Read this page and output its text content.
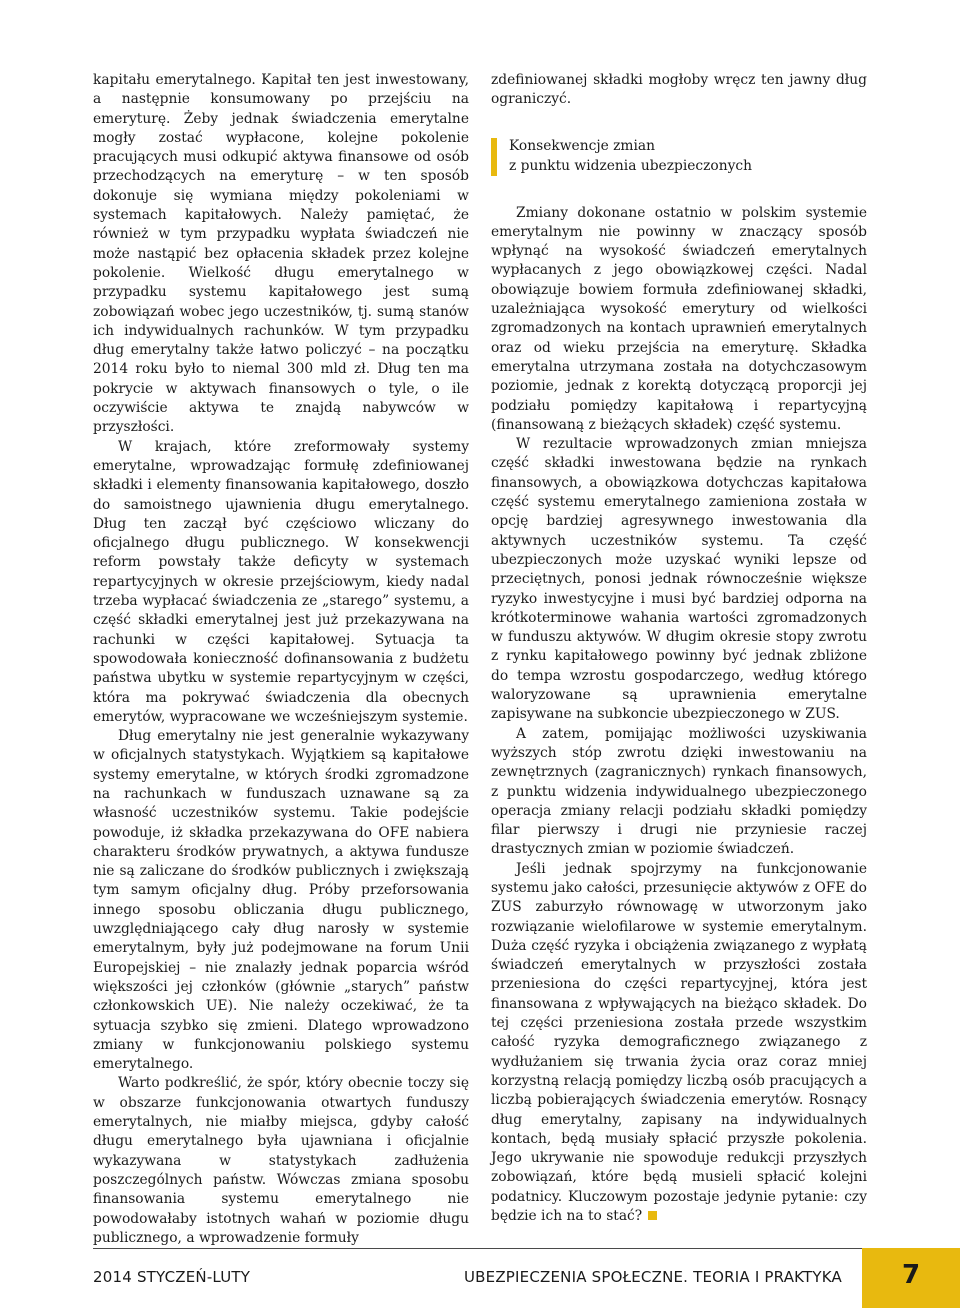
kapitału emerytalnego. Kapitał ten jest inwestowany, a następnie konsumowany po przejściu na emeryturę. Żeby jednak świadczenia emerytalne mogły zostać wypłacone, kolejne pokolenie pracujących musi odkupić aktywa finansowe od osób przechodzących na emeryturę – w ten sposób dokonuje się wymiana między pokoleniami w systemach kapitałowych. Należy pamiętać, że również w tym przypadku wypłata świadczeń nie może nastąpić bez opłacenia składek przez kolejne pokolenie. Wielkość długu emerytalnego w przypadku systemu kapitałowego jest sumą zobowiązań wobec jego uczestników, tj. sumą stanów ich indywidualnych rachunków. W tym przypadku dług emerytalny także łatwo policzyć – na początku 2014 roku było to niemal 300 mld zł. Dług ten ma pokrycie w aktywach finansowych o tyle, o ile oczywiście aktywa te znajdą nabywców w przyszłości.

W krajach, które zreformowały systemy emerytalne, wprowadzając formułę zdefiniowanej składki i elementy finansowania kapitałowego, doszło do samoistnego ujawnienia długu emerytalnego. Dług ten zaczął być częściowo wliczany do oficjalnego długu publicznego. W konsekwencji reform powstały także deficyty w systemach repartycyjnych w okresie przejściowym, kiedy nadal trzeba wypłacać świadczenia ze „starego” systemu, a część składki emerytalnej jest już przekazywana na rachunki w części kapitałowej. Sytuacja ta spowodowała konieczność dofinansowania z budżetu państwa ubytku w systemie repartycyjnym w części, która ma pokrywać świadczenia dla obecnych emerytów, wypracowane we wcześniejszym systemie.

Dług emerytalny nie jest generalnie wykazywany w oficjalnych statystykach. Wyjątkiem są kapitałowe systemy emerytalne, w których środki zgromadzone na rachunkach w funduszach uznawane są za własność uczestników systemu. Takie podejście powoduje, iż składka przekazywana do OFE nabiera charakteru środków prywatnych, a aktywa fundusze nie są zaliczane do środków publicznych i zwiększają tym samym oficjalny dług. Próby przeforsowania innego sposobu obliczania długu publicznego, uwzględniającego cały dług narosły w systemie emerytalnym, były już podejmowane na forum Unii Europejskiej – nie znalazły jednak poparcia wśród większości jej członków (głównie „starych” państw członkowskich UE). Nie należy oczekiwać, że ta sytuacja szybko się zmieni. Dlatego wprowadzono zmiany w funkcjonowaniu polskiego systemu emerytalnego.

Warto podkreślić, że spór, który obecnie toczy się w obszarze funkcjonowania otwartych funduszy emerytalnych, nie miałby miejsca, gdyby całość długu emerytalnego była ujawniana i oficjalnie wykazywana w statystykach zadłużenia poszczególnych państw. Wówczas zmiana sposobu finansowania systemu emerytalnego nie powodowałaby istotnych wahań w poziomie długu publicznego, a wprowadzenie formuły

zdefiniowanej składki mogłoby wręcz ten jawny dług ograniczyć.

Konsekwencje zmian
z punktu widzenia ubezpieczonych

Zmiany dokonane ostatnio w polskim systemie emerytalnym nie powinny w znaczący sposób wpłynąć na wysokość świadczeń emerytalnych wypłacanych z jego obowiązkowej części. Nadal obowiązuje bowiem formuła zdefiniowanej składki, uzależniająca wysokość emerytury od wielkości zgromadzonych na kontach uprawnień emerytalnych oraz od wieku przejścia na emeryturę. Składka emerytalna utrzymana została na dotychczasowym poziomie, jednak z korektą dotyczącą proporcji jej podziału pomiędzy kapitałową i repartycyjną (finansowaną z bieżących składek) część systemu.

W rezultacie wprowadzonych zmian mniejsza część składki inwestowana będzie na rynkach finansowych, a obowiązkowa dotychczas kapitałowa część systemu emerytalnego zamieniona została w opcję bardziej agresywnego inwestowania dla aktywnych uczestników systemu. Ta część ubezpieczonych może uzyskać wyniki lepsze od przeciętnych, ponosi jednak równocześnie większe ryzyko inwestycyjne i musi być bardziej odporna na krótkoterminowe wahania wartości zgromadzonych w funduszu aktywów. W długim okresie stopy zwrotu z rynku kapitałowego powinny być jednak zbliżone do tempa wzrostu gospodarczego, według którego waloryzowane są uprawnienia emerytalne zapisywane na subkoncie ubezpieczonego w ZUS.

A zatem, pomijając możliwości uzyskiwania wyższych stóp zwrotu dzięki inwestowaniu na zewnętrznych (zagranicznych) rynkach finansowych, z punktu widzenia indywidualnego ubezpieczonego operacja zmiany relacji podziału składki pomiędzy filar pierwszy i drugi nie przyniesie raczej drastycznych zmian w poziomie świadczeń.

Jeśli jednak spojrzymy na funkcjonowanie systemu jako całości, przesunięcie aktywów z OFE do ZUS zaburzyło równowagę w utworzonym jako rozwiązanie wielofilarowe w systemie emerytalnym. Duża część ryzyka i obciążenia związanego z wypłatą świadczeń emerytalnych w przyszłości została przeniesiona do części repartycyjnej, która jest finansowana z wpływających na bieżąco składek. Do tej części przeniesiona została przede wszystkim całość ryzyka demograficznego związanego z wydłużaniem się trwania życia oraz coraz mniej korzystną relacją pomiędzy liczbą osób pracujących a liczbą pobierających świadczenia emerytów. Rosnący dług emerytalny, zapisany na indywidualnych kontach, będą musiały spłacić przyszłe pokolenia. Jego ukrywanie nie spowoduje redukcji przyszłych zobowiązań, które będą musieli spłacić kolejni podatnicy. Kluczowym pozostaje jedynie pytanie: czy będzie ich na to stać?

2014 STYCZEŃ-LUTY	UBEZPIECZENIA SPOŁECZNE. TEORIA I PRAKTYKA	7
